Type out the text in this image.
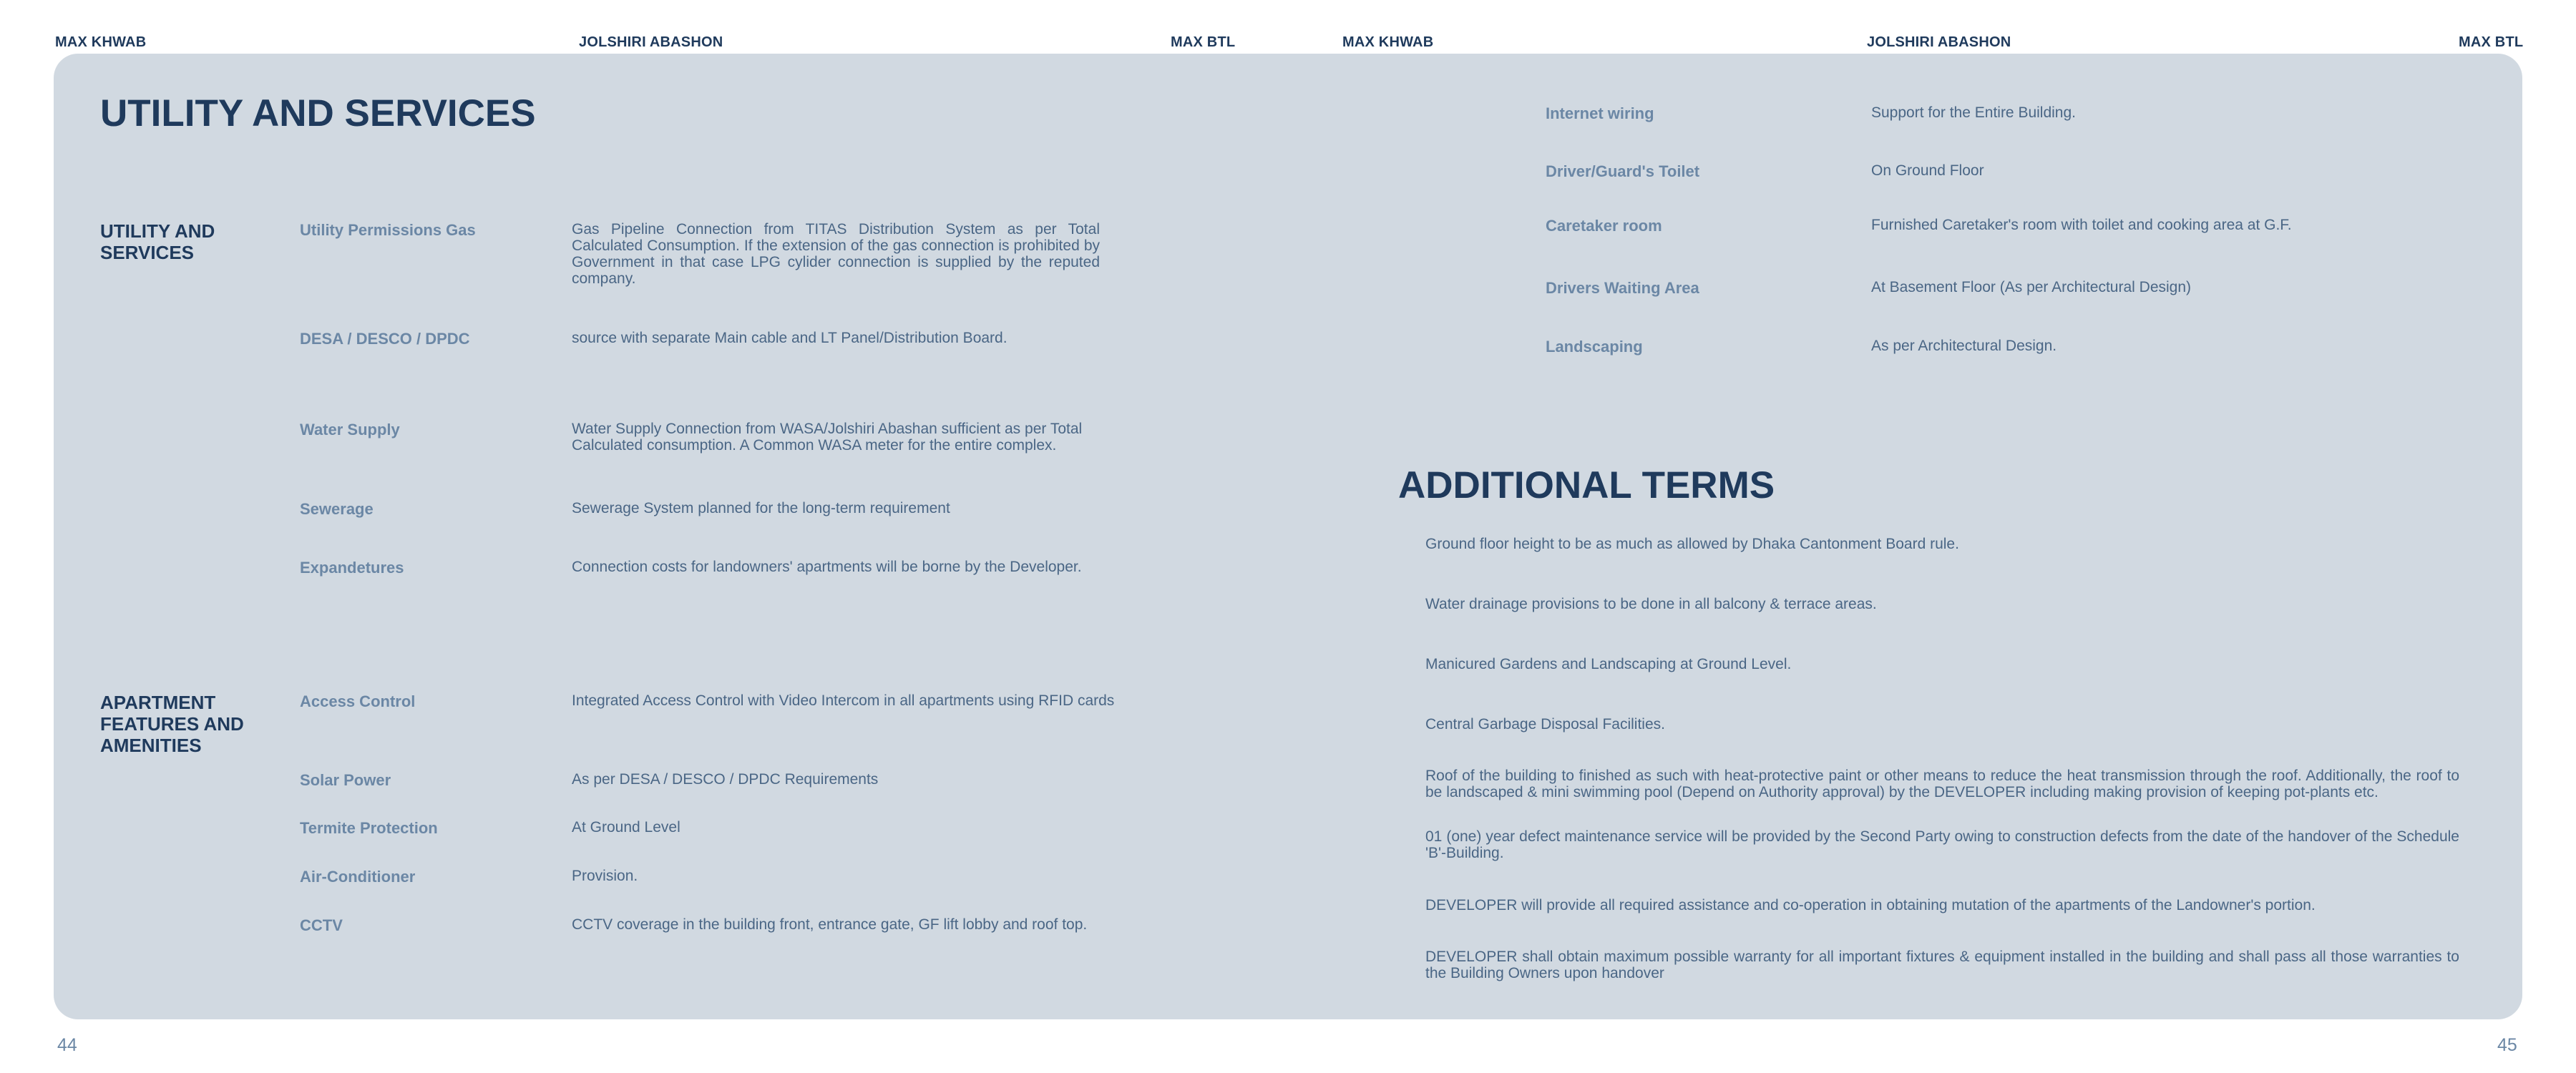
MAX KHWAB	JOLSHIRI ABASHON	MAX BTL	MAX KHWAB	JOLSHIRI ABASHON	MAX BTL
UTILITY AND SERVICES
UTILITY AND SERVICES
Utility Permissions Gas	Gas Pipeline Connection from TITAS Distribution System as per Total Calculated Consumption. If the extension of the gas connection is prohibited by Government in that case LPG cylider connection is supplied by the reputed company.
DESA / DESCO / DPDC	source with separate Main cable and LT Panel/Distribution Board.
Water Supply	Water Supply Connection from WASA/Jolshiri Abashan sufficient as per Total Calculated consumption. A Common WASA meter for the entire complex.
Sewerage	Sewerage System planned for the long-term requirement
Expandetures	Connection costs for landowners' apartments will be borne by the Developer.
APARTMENT FEATURES AND AMENITIES
Access Control	Integrated Access Control with Video Intercom in all apartments using RFID cards
Solar Power	As per DESA / DESCO / DPDC Requirements
Termite Protection	At Ground Level
Air-Conditioner	Provision.
CCTV	CCTV coverage in the building front, entrance gate, GF lift lobby and roof top.
Internet wiring	Support for the Entire Building.
Driver/Guard's Toilet	On Ground Floor
Caretaker room	Furnished Caretaker's room with toilet and cooking area at G.F.
Drivers Waiting Area	At Basement Floor (As per Architectural Design)
Landscaping	As per Architectural Design.
ADDITIONAL TERMS
Ground floor height to be as much as allowed by Dhaka Cantonment Board rule.
Water drainage provisions to be done in all balcony & terrace areas.
Manicured Gardens and Landscaping at Ground Level.
Central Garbage Disposal Facilities.
Roof of the building to finished as such with heat-protective paint or other means to reduce the heat transmission through the roof. Additionally, the roof to be landscaped & mini swimming pool (Depend on Authority approval) by the DEVELOPER including making provision of keeping pot-plants etc.
01 (one) year defect maintenance service will be provided by the Second Party owing to construction defects from the date of the handover of the Schedule 'B'-Building.
DEVELOPER will provide all required assistance and co-operation in obtaining mutation of the apartments of the Landowner's portion.
DEVELOPER shall obtain maximum possible warranty for all important fixtures & equipment installed in the building and shall pass all those warranties to the Building Owners upon handover
44	45
